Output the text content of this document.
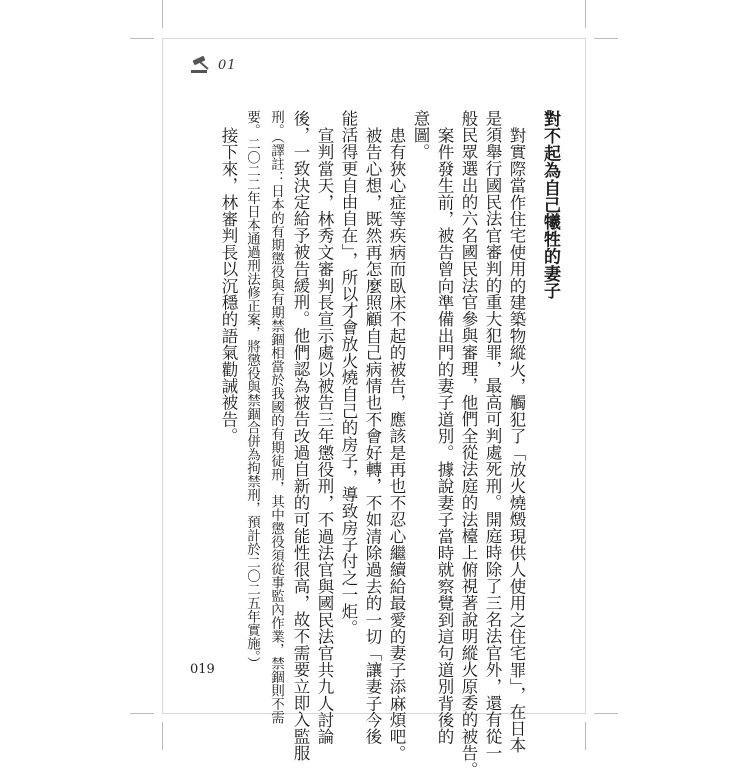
01
對不起為自己犧牲的妻子
對實際當作住宅使用的建築物縱火，觸犯了「放火燒燬現供人使用之住宅罪」，在日本
是須舉行國民法官審判的重大犯罪，最高可判處死刑。開庭時除了三名法官外，還有從一
般民眾選出的六名國民法官參與審理，他們全從法庭的法檯上俯視著說明縱火原委的被告。
案件發生前，被告曾向準備出門的妻子道別。據說妻子當時就察覺到這句道別背後的
意圖。
患有狹心症等疾病而臥床不起的被告，應該是再也不忍心繼續給最愛的妻子添麻煩吧。
被告心想，既然再怎麼照顧自己病情也不會好轉，不如清除過去的一切「讓妻子今後
能活得更自由自在」，所以才會放火燒自己的房子，導致房子付之一炬。
宣判當天，林秀文審判長宣示處以被告三年懲役刑，不過法官與國民法官共九人討論
後，一致決定給予被告緩刑。他們認為被告改過自新的可能性很高，故不需要立即入監服
刑。（譯註：日本的有期懲役與有期禁錮相當於我國的有期徒刑，其中懲役須從事監內作業，禁錮則不需
要。二〇二二年日本通過刑法修正案，將懲役與禁錮合併為拘禁刑，預計於二〇二五年實施。）
接下來，林審判長以沉穩的語氣勸誡被告。
019
